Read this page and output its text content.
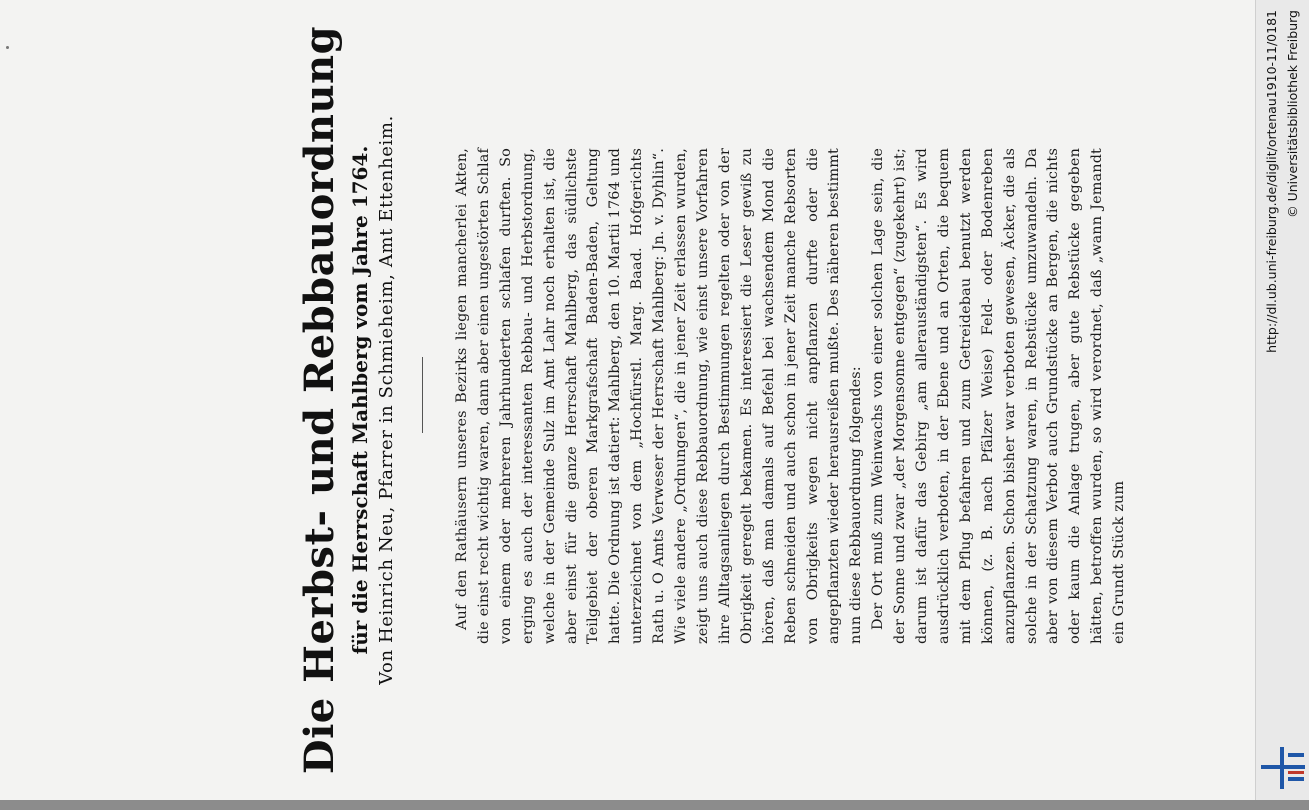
Die Herbst- und Rebbauordnung für die Herrschaft Mahlberg vom Jahre 1764. Von Heinrich Neu, Pfarrer in Schmieheim, Amt Ettenheim.	Auf den Rathäusern unseres Bezirks liegen mancherlei Akten, die einst recht wichtig waren, dann aber einen ungestörten Schlaf von einem oder mehreren Jahrhunderten schlafen durften. So erging es auch der interessanten Rebbau- und Herbstordnung, welche in der Gemeinde Sulz im Amt Lahr noch erhalten ist, die aber einst für die ganze Herrschaft Mahlberg, das südlichste Teilgebiet der oberen Markgrafschaft Baden-Baden, Geltung hatte. Die Ordnung ist datiert: Mahlberg, den 10. Martii 1764 und unterzeichnet von dem „Hochfürstl. Marg. Baad. Hofgerichts Rath u. O Amts Verweser der Herrschaft Mahlberg: Jn. v. Dyhlin“. Wie viele andere „Ordnungen“, die in jener Zeit erlassen wurden, zeigt uns auch diese Rebbauordnung, wie einst unsere Vorfahren ihre Alltagsanliegen durch Bestimmungen regelten oder von der Obrigkeit geregelt bekamen. Es interessiert die Leser gewiß zu hören, daß man damals auf Befehl bei wachsendem Mond die Reben schneiden und auch schon in jener Zeit manche Rebsorten von Obrigkeits wegen nicht anpflanzen durfte oder die angepflanzten wieder herausreißen mußte. Des näheren bestimmt nun diese Rebbauordnung folgendes: Der Ort muß zum Weinwachs von einer solchen Lage sein, die der Sonne und zwar „der Morgensonne entgegen“ (zugekehrt) ist; darum ist dafür das Gebirg „am allerauständigsten“. Es wird ausdrücklich verboten, in der Ebene und an Orten, die bequem mit dem Pflug befahren und zum Getreidebau benutzt werden können, (z. B. nach Pfälzer Weise) Feld- oder Bodenreben anzupflanzen. Schon bisher war verboten gewesen, Äcker, die als solche in der Schatzung waren, in Rebstücke umzuwandeln. Da aber von diesem Verbot auch Grundstücke an Bergen, die nichts oder kaum die Anlage trugen, aber gute Rebstücke gegeben hätten, betroffen wurden, so wird verordnet, daß „wann Jemandt ein Grundt Stück zum

http://dl.ub.uni-freiburg.de/diglit/ortenau1910-11/0181 © Universitätsbibliothek Freiburg
